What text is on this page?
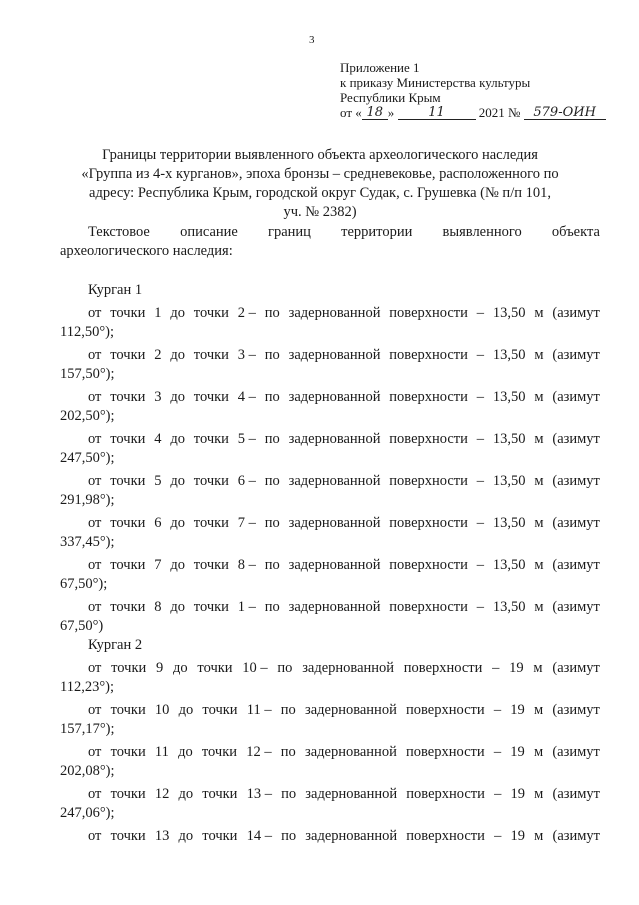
3
Приложение 1
к приказу Министерства культуры
Республики Крым
от « 18 »	11	2021 № 579-ОИН
Границы территории выявленного объекта археологического наследия
«Группа из 4-х курганов», эпоха бронзы – средневековье, расположенного по
адресу: Республика Крым, городской округ Судак, с. Грушевка (№ п/п 101,
уч. № 2382)
Текстовое описание границ территории выявленного объекта
археологического наследия:
Курган 1
от точки 1 до точки 2 – по задернованной поверхности – 13,50 м (азимут
112,50°);
от точки 2 до точки 3 – по задернованной поверхности – 13,50 м (азимут
157,50°);
от точки 3 до точки 4 – по задернованной поверхности – 13,50 м (азимут
202,50°);
от точки 4 до точки 5 – по задернованной поверхности – 13,50 м (азимут
247,50°);
от точки 5 до точки 6 – по задернованной поверхности – 13,50 м (азимут
291,98°);
от точки 6 до точки 7 – по задернованной поверхности – 13,50 м (азимут
337,45°);
от точки 7 до точки 8 – по задернованной поверхности – 13,50 м (азимут
67,50°);
от точки 8 до точки 1 – по задернованной поверхности – 13,50 м (азимут
67,50°)
Курган 2
от точки 9 до точки 10 – по задернованной поверхности – 19 м (азимут
112,23°);
от точки 10 до точки 11 – по задернованной поверхности – 19 м (азимут
157,17°);
от точки 11 до точки 12 – по задернованной поверхности – 19 м (азимут
202,08°);
от точки 12 до точки 13 – по задернованной поверхности – 19 м (азимут
247,06°);
от точки 13 до точки 14 – по задернованной поверхности – 19 м (азимут
